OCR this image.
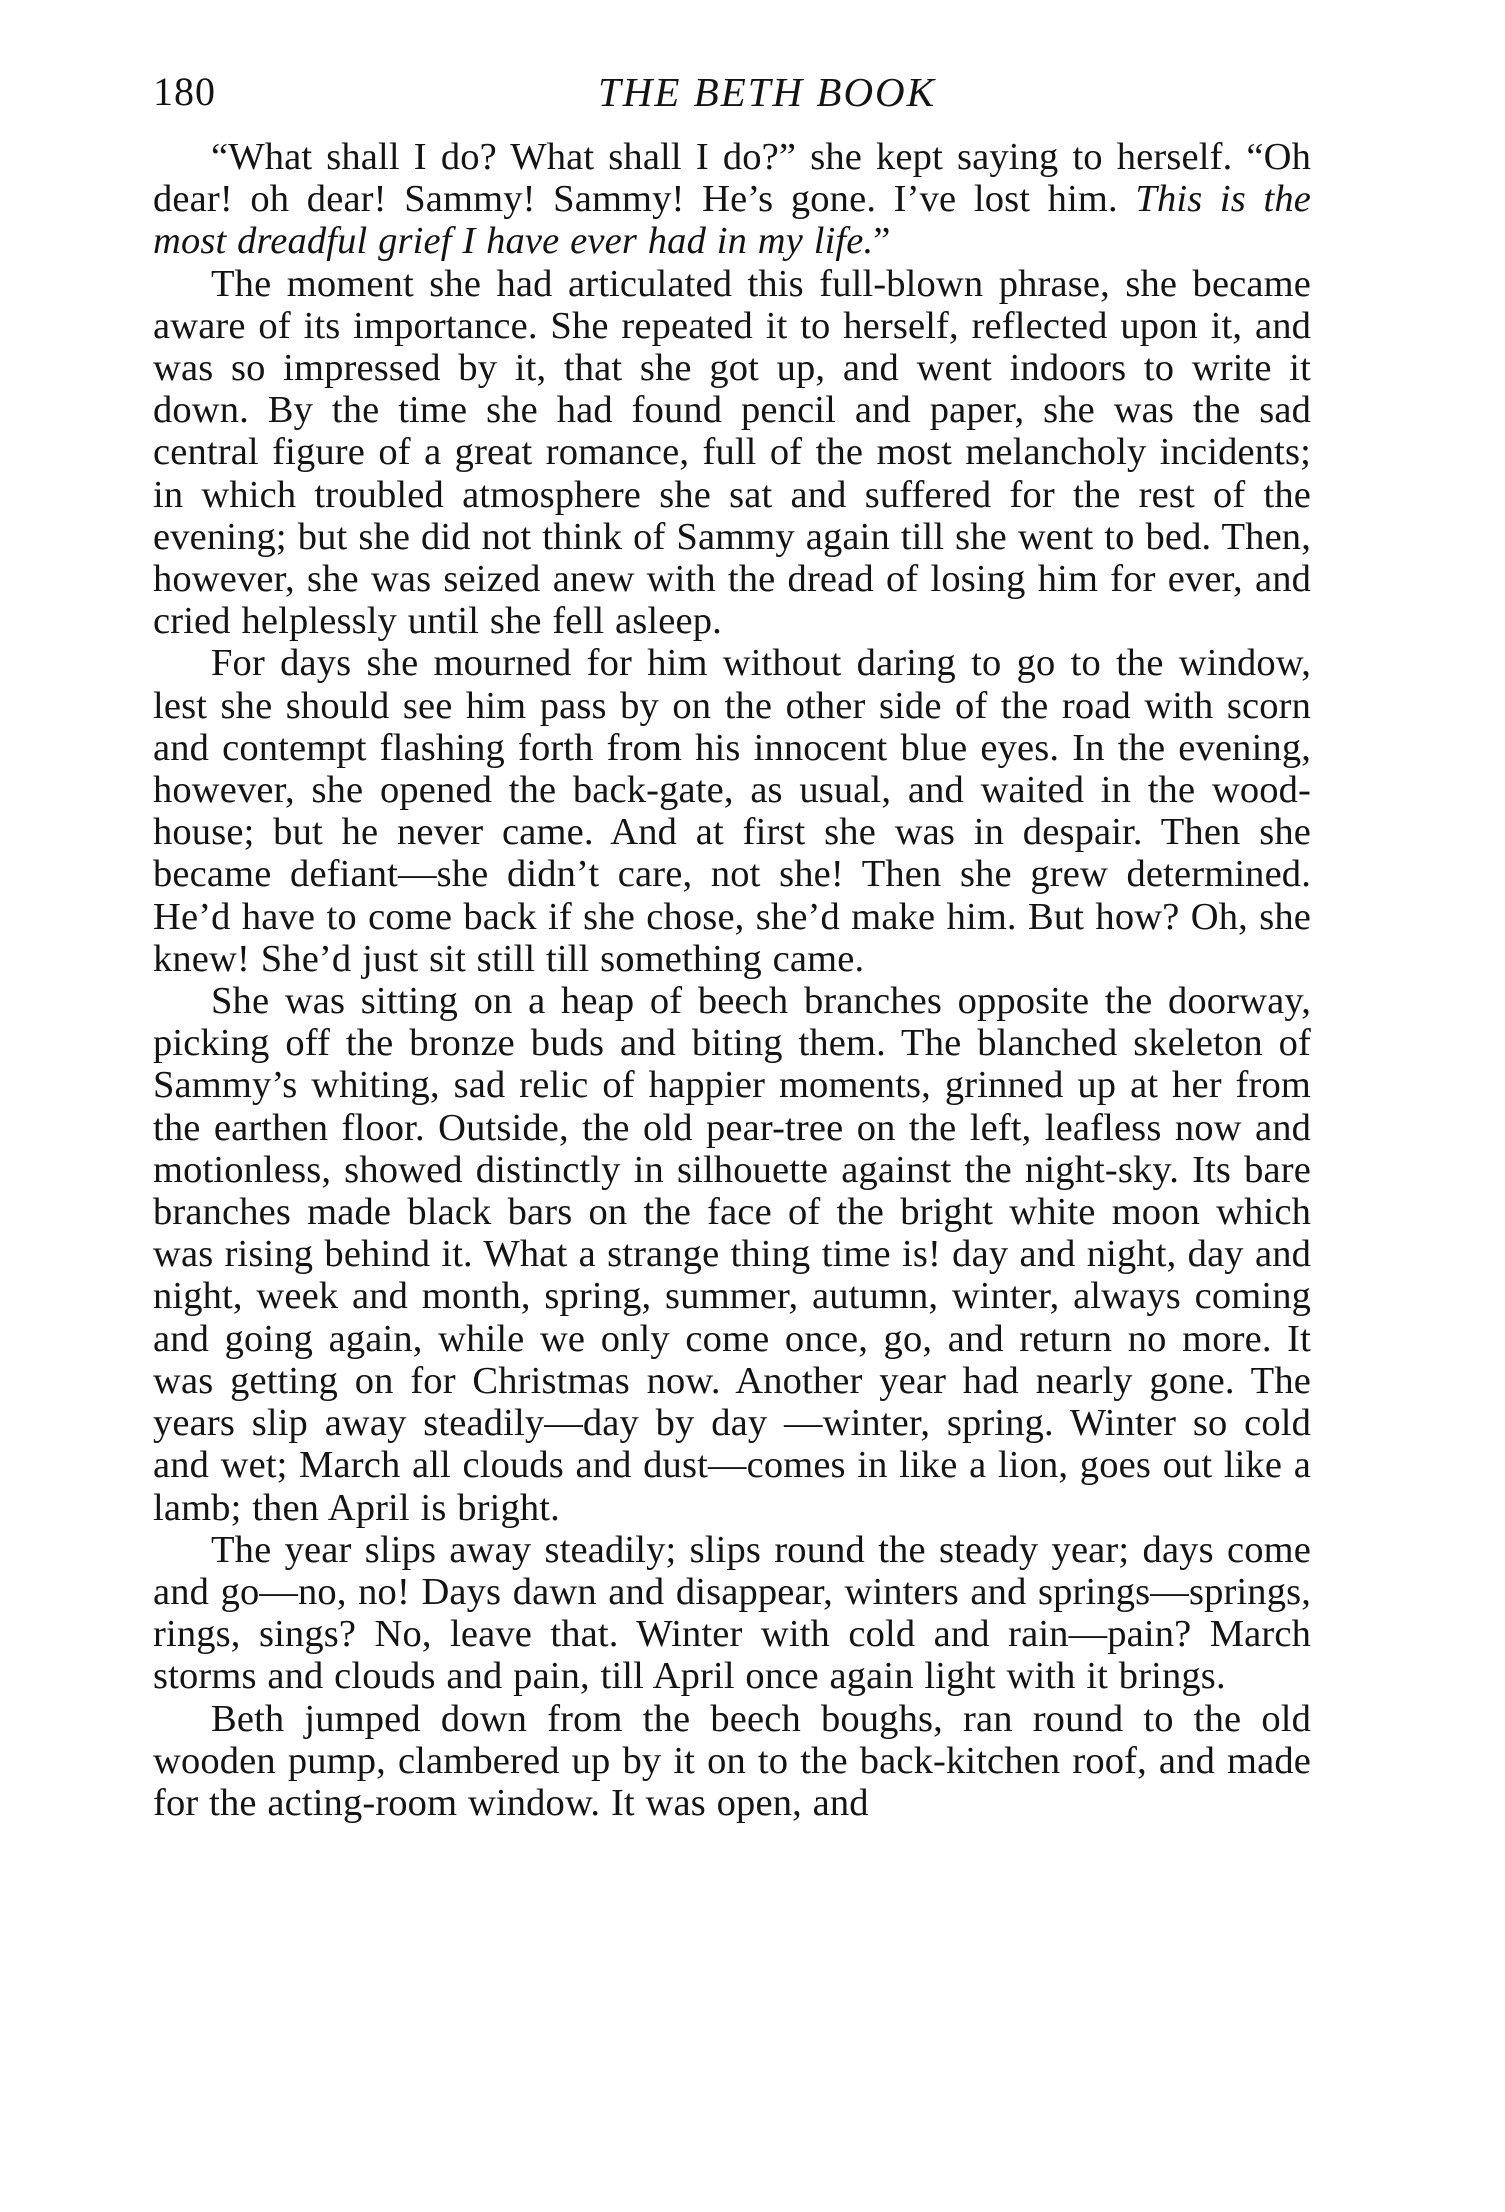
180	THE BETH BOOK

“What shall I do? What shall I do?” she kept saying to herself. “Oh dear! oh dear! Sammy! Sammy! He’s gone. I’ve lost him. This is the most dreadful grief I have ever had in my life.”

The moment she had articulated this full-blown phrase, she became aware of its importance. She repeated it to herself, reflected upon it, and was so impressed by it, that she got up, and went indoors to write it down. By the time she had found pencil and paper, she was the sad central figure of a great romance, full of the most melancholy incidents; in which troubled atmosphere she sat and suffered for the rest of the evening; but she did not think of Sammy again till she went to bed. Then, however, she was seized anew with the dread of losing him for ever, and cried helplessly until she fell asleep.

For days she mourned for him without daring to go to the window, lest she should see him pass by on the other side of the road with scorn and contempt flashing forth from his innocent blue eyes. In the evening, however, she opened the back-gate, as usual, and waited in the wood-house; but he never came. And at first she was in despair. Then she became defiant—she didn’t care, not she! Then she grew determined. He’d have to come back if she chose, she’d make him. But how? Oh, she knew! She’d just sit still till something came.

She was sitting on a heap of beech branches opposite the doorway, picking off the bronze buds and biting them. The blanched skeleton of Sammy’s whiting, sad relic of happier moments, grinned up at her from the earthen floor. Outside, the old pear-tree on the left, leafless now and motionless, showed distinctly in silhouette against the night-sky. Its bare branches made black bars on the face of the bright white moon which was rising behind it. What a strange thing time is! day and night, day and night, week and month, spring, summer, autumn, winter, always coming and going again, while we only come once, go, and return no more. It was getting on for Christmas now. Another year had nearly gone. The years slip away steadily—day by day —winter, spring. Winter so cold and wet; March all clouds and dust—comes in like a lion, goes out like a lamb; then April is bright.

The year slips away steadily; slips round the steady year; days come and go—no, no! Days dawn and disappear, winters and springs—springs, rings, sings? No, leave that. Winter with cold and rain—pain? March storms and clouds and pain, till April once again light with it brings.

Beth jumped down from the beech boughs, ran round to the old wooden pump, clambered up by it on to the back-kitchen roof, and made for the acting-room window. It was open, and
